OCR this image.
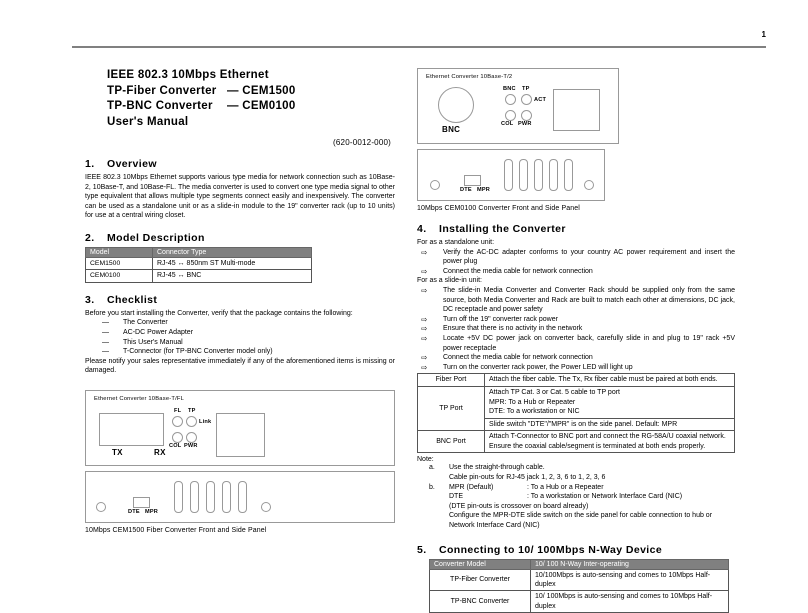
1
IEEE 802.3 10Mbps Ethernet
TP-Fiber Converter — CEM1500
TP-BNC Converter — CEM0100
User's Manual
(620-0012-000)
1. Overview
IEEE 802.3 10Mbps Ethernet supports various type media for network connection such as 10Base-2, 10Base-T, and 10Base-FL. The media converter is used to convert one type media signal to other type equivalent that allows multiple type segments connect easily and inexpensively. The converter can be used as a standalone unit or as a slide-in module to the 19" converter rack (up to 10 units) for use at a central wiring closet.
2. Model Description
Model	Connector Type
CEM1500	RJ-45 ↔ 850nm ST Multi-mode
CEM0100	RJ-45 ↔ BNC
3. Checklist
Before you start installing the Converter, verify that the package contains the following:
— The Converter
— AC-DC Power Adapter
— This User's Manual
— T-Connector (for TP-BNC Converter model only)
Please notify your sales representative immediately if any of the aforementioned items is missing or damaged.
Ethernet Converter 10Base-T/FL
TX	RX
FL TP
Link
COL PWR
DTE MPR
10Mbps CEM1500 Fiber Converter Front and Side Panel
Ethernet Converter 10Base-T/2
BNC
BNC TP
ACT
COL PWR
DTE MPR
10Mbps CEM0100 Converter Front and Side Panel
4. Installing the Converter
For as a standalone unit:
⇨ Verify the AC-DC adapter conforms to your country AC power requirement and insert the power plug
⇨ Connect the media cable for network connection
For as a slide-in unit:
⇨ The slide-in Media Converter and Converter Rack should be supplied only from the same source, both Media Converter and Rack are built to match each other at dimensions, DC jack, DC receptacle and power safety
⇨ Turn off the 19" converter rack power
⇨ Ensure that there is no activity in the network
⇨ Locate +5V DC power jack on converter back, carefully slide in and plug to 19" rack +5V power receptacle
⇨ Connect the media cable for network connection
⇨ Turn on the converter rack power, the Power LED will light up
Fiber Port	Attach the fiber cable. The Tx, Rx fiber cable must be paired at both ends.

TP Port	Attach TP Cat. 3 or Cat. 5 cable to TP port
MPR: To a Hub or Repeater
DTE: To a workstation or NIC
Slide switch "DTE"/"MPR" is on the side panel. Default: MPR

BNC Port	Attach T-Connector to BNC port and connect the RG-58A/U coaxial network.
Ensure the coaxial cable/segment is terminated at both ends properly.
Note:
a.	Use the straight-through cable.	
	Cable pin-outs for RJ-45 jack 1, 2, 3, 6 to 1, 2, 3, 6	
b.	MPR (Default)	: To a Hub or a Repeater
	DTE	: To a workstation or Network Interface Card (NIC)
	(DTE pin-outs is crossover on board already)	
	Configure the MPR-DTE slide switch on the side panel for cable connection to hub or	
	Network Interface Card (NIC)	
5. Connecting to 10/ 100Mbps N-Way Device
Converter Model	10/ 100 N-Way Inter-operating
TP-Fiber Converter	10/100Mbps is auto-sensing and comes to 10Mbps Half-duplex
TP-BNC Converter	10/ 100Mbps is auto-sensing and comes to 10Mbps Half-duplex
